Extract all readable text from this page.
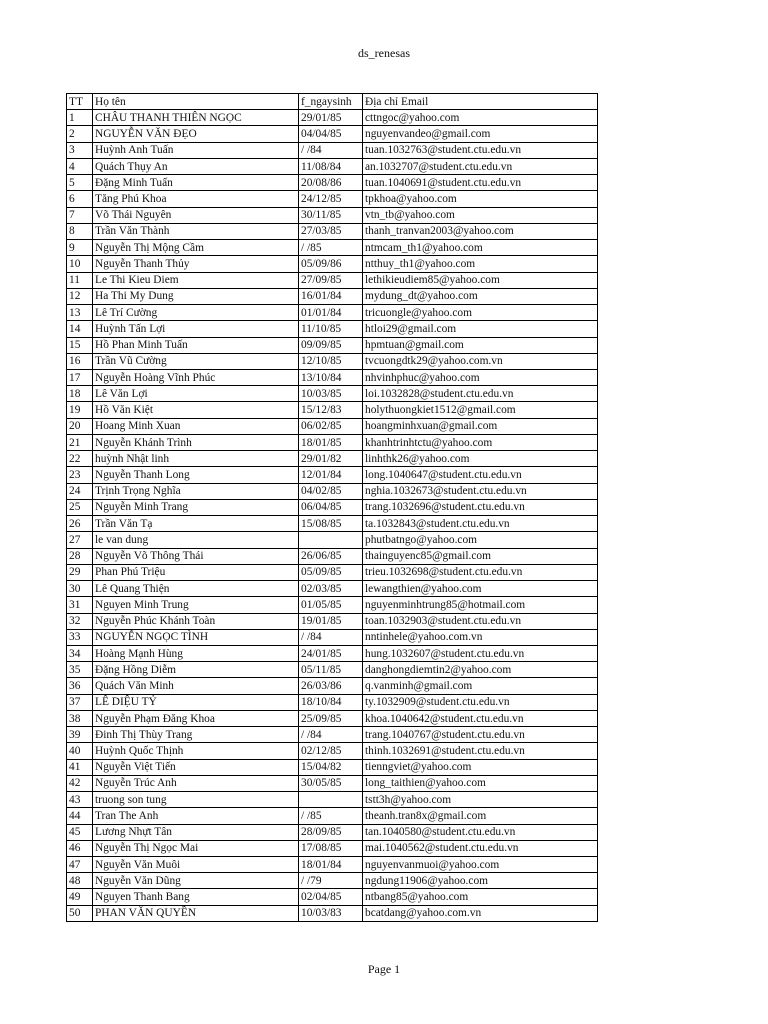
ds_renesas
TT	Họ tên	f_ngaysinh	Địa chỉ Email
1	CHÂU THANH THIÊN NGỌC	29/01/85	cttngoc@yahoo.com
2	NGUYỄN VĂN ĐẸO	04/04/85	nguyenvandeo@gmail.com
3	Huỳnh Anh Tuấn	/ /84	tuan.1032763@student.ctu.edu.vn
4	Quách Thụy An	11/08/84	an.1032707@student.ctu.edu.vn
5	Đặng Minh Tuấn	20/08/86	tuan.1040691@student.ctu.edu.vn
6	Tăng Phú Khoa	24/12/85	tpkhoa@yahoo.com
7	Võ Thái Nguyên	30/11/85	vtn_tb@yahoo.com
8	Trần Văn Thành	27/03/85	thanh_tranvan2003@yahoo.com
9	Nguyễn Thị Mộng Cầm	/ /85	ntmcam_th1@yahoo.com
10	Nguyễn Thanh Thủy	05/09/86	ntthuy_th1@yahoo.com
11	Le Thi Kieu Diem	27/09/85	lethikieudiem85@yahoo.com
12	Ha Thi My Dung	16/01/84	mydung_dt@yahoo.com
13	Lê Trí Cường	01/01/84	tricuongle@yahoo.com
14	Huỳnh Tấn Lợi	11/10/85	htloi29@gmail.com
15	Hồ Phan Minh Tuấn	09/09/85	hpmtuan@gmail.com
16	Trần Vũ Cường	12/10/85	tvcuongdtk29@yahoo.com.vn
17	Nguyễn Hoàng Vĩnh Phúc	13/10/84	nhvinhphuc@yahoo.com
18	Lê Văn Lợi	10/03/85	loi.1032828@student.ctu.edu.vn
19	Hồ Văn Kiệt	15/12/83	holythuongkiet1512@gmail.com
20	Hoang Minh Xuan	06/02/85	hoangminhxuan@gmail.com
21	Nguyễn Khánh Trình	18/01/85	khanhtrinhtctu@yahoo.com
22	huỳnh Nhật linh	29/01/82	linhthk26@yahoo.com
23	Nguyễn Thanh Long	12/01/84	long.1040647@student.ctu.edu.vn
24	Trịnh Trọng Nghĩa	04/02/85	nghia.1032673@student.ctu.edu.vn
25	Nguyễn Minh Trang	06/04/85	trang.1032696@student.ctu.edu.vn
26	Trần Văn Tạ	15/08/85	ta.1032843@student.ctu.edu.vn
27	le van dung		phutbatngo@yahoo.com
28	Nguyễn Võ Thông Thái	26/06/85	thainguyenc85@gmail.com
29	Phan Phú Triệu	05/09/85	trieu.1032698@student.ctu.edu.vn
30	Lê Quang Thiện	02/03/85	lewangthien@yahoo.com
31	Nguyen Minh Trung	01/05/85	nguyenminhtrung85@hotmail.com
32	Nguyễn Phúc Khánh Toàn	19/01/85	toan.1032903@student.ctu.edu.vn
33	NGUYỄN NGỌC TÌNH	/ /84	nntinhele@yahoo.com.vn
34	Hoàng Mạnh Hùng	24/01/85	hung.1032607@student.ctu.edu.vn
35	Đặng Hồng Diễm	05/11/85	danghongdiemtin2@yahoo.com
36	Quách Văn Minh	26/03/86	q.vanminh@gmail.com
37	LÊ DIỆU TỶ	18/10/84	ty.1032909@student.ctu.edu.vn
38	Nguyễn Phạm Đăng Khoa	25/09/85	khoa.1040642@student.ctu.edu.vn
39	Đinh Thị Thùy Trang	/ /84	trang.1040767@student.ctu.edu.vn
40	Huỳnh Quốc Thịnh	02/12/85	thinh.1032691@student.ctu.edu.vn
41	Nguyễn Việt Tiến	15/04/82	tienngviet@yahoo.com
42	Nguyễn Trúc Anh	30/05/85	long_taithien@yahoo.com
43	truong son tung		tstt3h@yahoo.com
44	Tran The Anh	/ /85	theanh.tran8x@gmail.com
45	Lương Nhựt Tân	28/09/85	tan.1040580@student.ctu.edu.vn
46	Nguyễn Thị Ngọc Mai	17/08/85	mai.1040562@student.ctu.edu.vn
47	Nguyễn Văn Muôi	18/01/84	nguyenvanmuoi@yahoo.com
48	Nguyễn Văn Dũng	/ /79	ngdung11906@yahoo.com
49	Nguyen Thanh Bang	02/04/85	ntbang85@yahoo.com
50	PHAN VĂN QUYỀN	10/03/83	bcatdang@yahoo.com.vn
Page 1
